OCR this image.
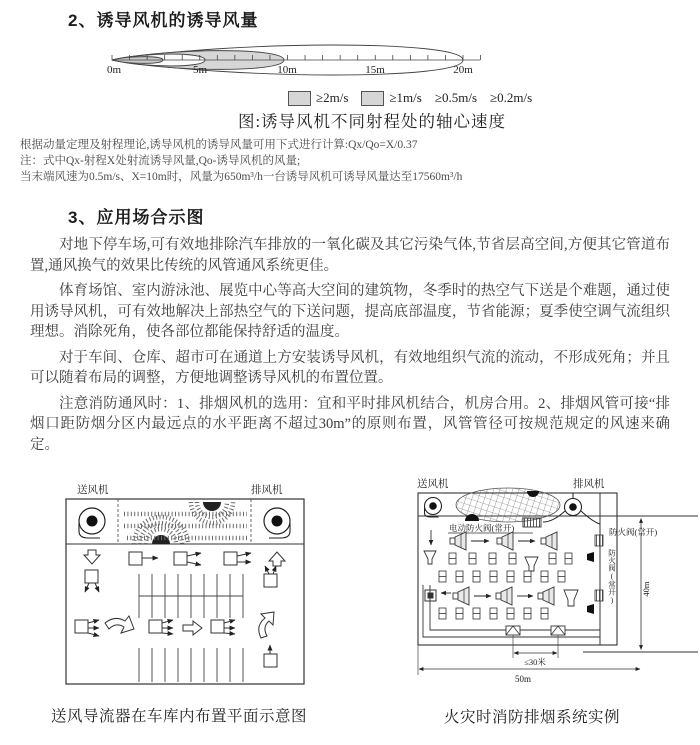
2、诱导风机的诱导风量
0m	5m	10m	15m	20m
≥2m/s	≥1m/s ≥0.5m/s ≥0.2m/s
图:诱导风机不同射程处的轴心速度
根据动量定理及射程理论,诱导风机的诱导风量可用下式进行计算:Qx/Qo=X/0.37
注：式中Qx-射程X处射流诱导风量,Qo-诱导风机的风量;
当末端风速为0.5m/s、X=10m时，风量为650m³/h一台诱导风机可诱导风量达至17560m³/h
3、应用场合示图

对地下停车场,可有效地排除汽车排放的一氧化碳及其它污染气体,节省层高空间,方便其它管道布置,通风换气的效果比传统的风管通风系统更佳。

体育场馆、室内游泳池、展览中心等高大空间的建筑物，冬季时的热空气下送是个难题，通过使用诱导风机，可有效地解决上部热空气的下送问题，提高底部温度，节省能源；夏季使空调气流组织理想。消除死角，使各部位都能保持舒适的温度。

对于车间、仓库、超市可在通道上方安装诱导风机，有效地组织气流的流动，不形成死角；并且可以随着布局的调整，方便地调整诱导风机的布置位置。

注意消防通风时：1、排烟风机的选用：宜和平时排风机结合，机房合用。2、排烟风管可接“排烟口距防烟分区内最远点的水平距离不超过30m”的原则布置，风管管径可按规范规定的风速来确定。

送风机	排风机
送风导流器在车库内布置平面示意图
送风机	排风机
电动防火阀(常开)	防火阀(常开)
40m
防火阀(常开)
≤30米
50m
火灾时消防排烟系统实例
